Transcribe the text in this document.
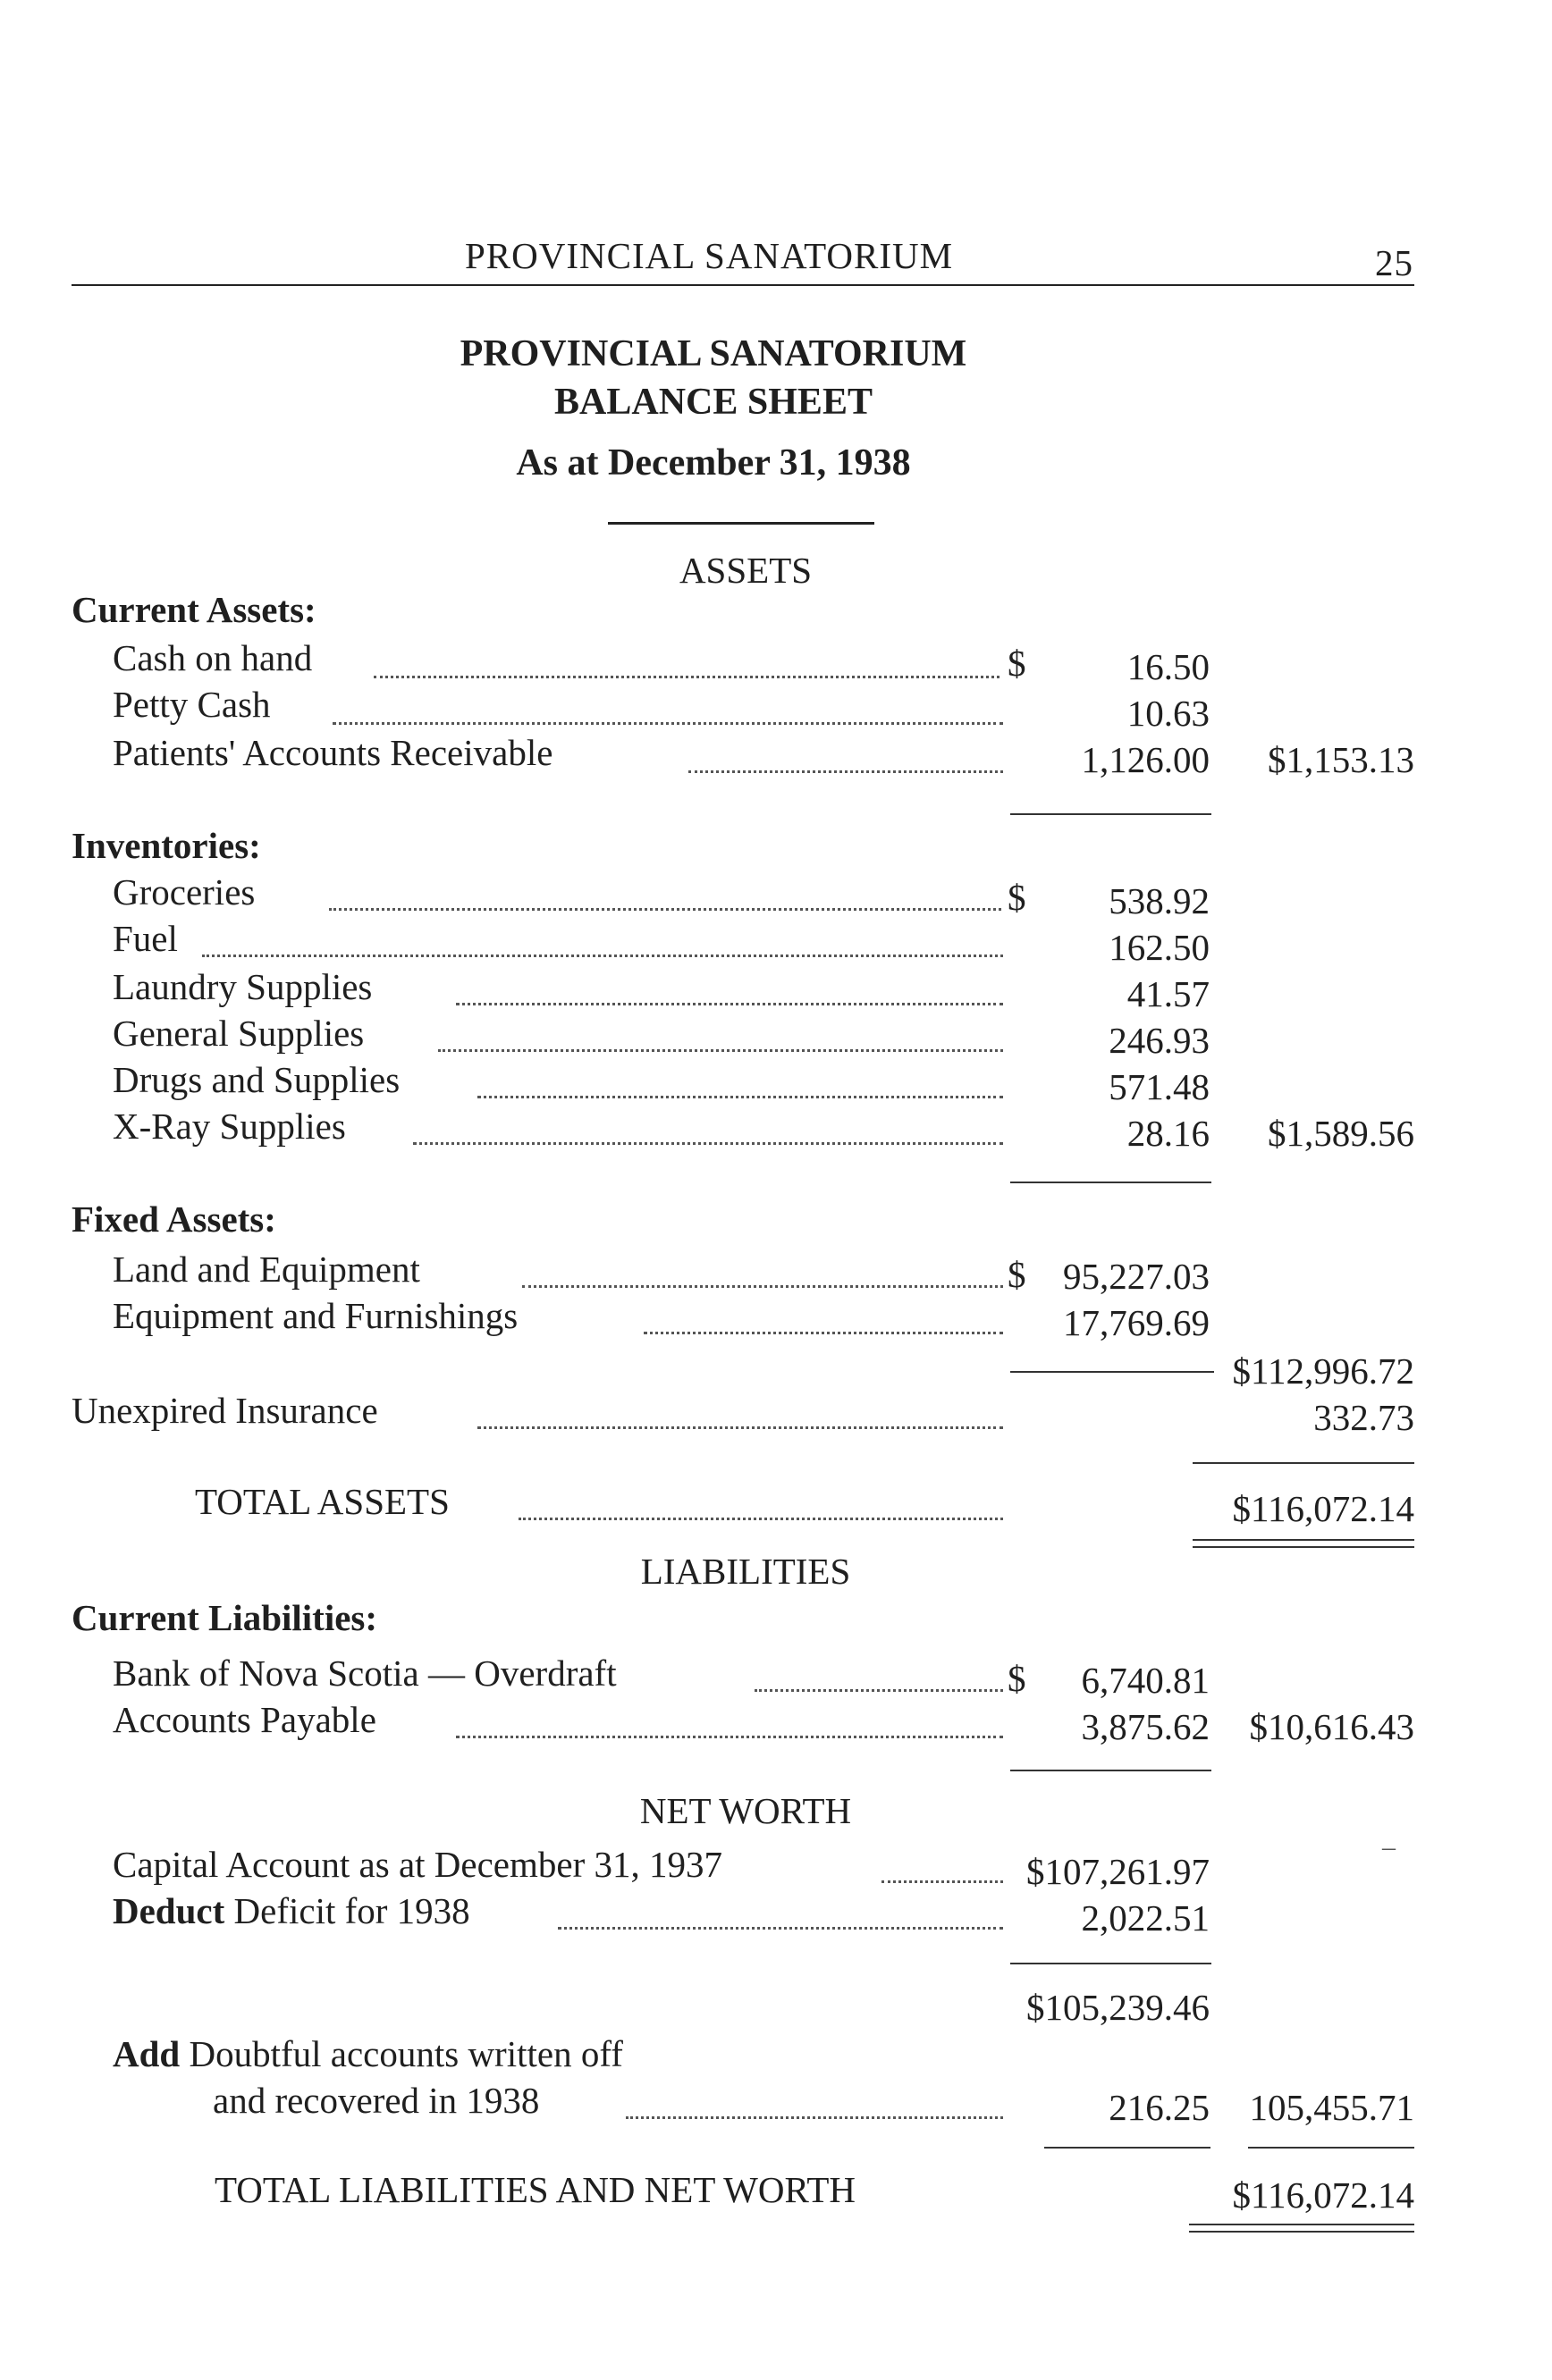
PROVINCIAL SANATORIUM	25
PROVINCIAL SANATORIUM
BALANCE SHEET
As at December 31, 1938
ASSETS
Current Assets:
Cash on hand	$	16.50
Petty Cash	10.63
Patients' Accounts Receivable	1,126.00	$1,153.13
Inventories:
Groceries	$	538.92
Fuel	162.50
Laundry Supplies	41.57
General Supplies	246.93
Drugs and Supplies	571.48
X-Ray Supplies	28.16	$1,589.56
Fixed Assets:
Land and Equipment	$	95,227.03
Equipment and Furnishings	17,769.69
$112,996.72
Unexpired Insurance	332.73
TOTAL ASSETS	$116,072.14
LIABILITIES
Current Liabilities:
Bank of Nova Scotia — Overdraft	$	6,740.81
Accounts Payable	3,875.62	$10,616.43
NET WORTH
Capital Account as at December 31, 1937	$107,261.97
‒
Deduct Deficit for 1938	2,022.51
$105,239.46
Add Doubtful accounts written off
and recovered in 1938	216.25	105,455.71
TOTAL LIABILITIES AND NET WORTH	$116,072.14
